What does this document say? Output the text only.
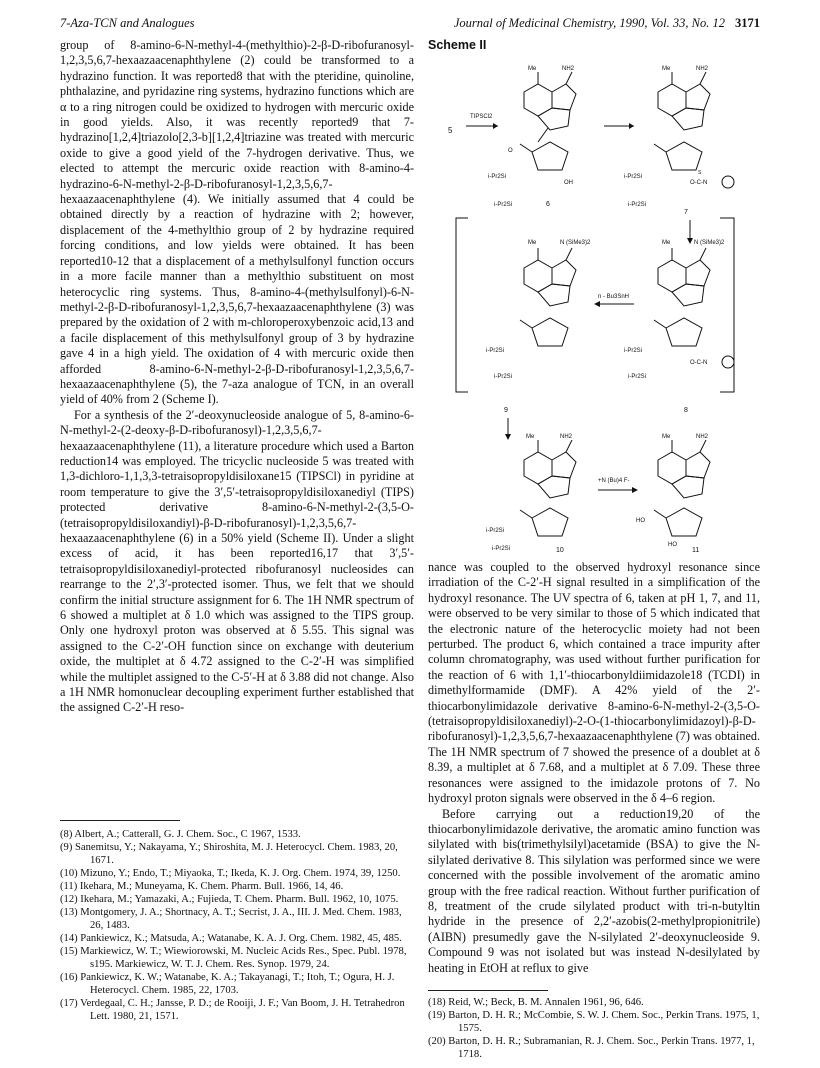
7-Aza-TCN and Analogues	Journal of Medicinal Chemistry, 1990, Vol. 33, No. 12 3171

group of 8-amino-6-N-methyl-4-(methylthio)-2-β-D-ribofuranosyl-1,2,3,5,6,7-hexaazaacenaphthylene (2) could be transformed to a hydrazino function. It was reported8 that with the pteridine, quinoline, phthalazine, and pyridazine ring systems, hydrazino functions which are α to a ring nitrogen could be oxidized to hydrogen with mercuric oxide in good yields. Also, it was recently reported9 that 7-hydrazino[1,2,4]triazolo[2,3-b][1,2,4]triazine was treated with mercuric oxide to give a good yield of the 7-hydrogen derivative. Thus, we elected to attempt the mercuric oxide reaction with 8-amino-4-hydrazino-6-N-methyl-2-β-D-ribofuranosyl-1,2,3,5,6,7-hexaazaacenaphthylene (4). We initially assumed that 4 could be obtained directly by a reaction of hydrazine with 2; however, displacement of the 4-methylthio group of 2 by hydrazine required forcing conditions, and low yields were obtained. It has been reported10-12 that a displacement of a methylsulfonyl function occurs in a more facile manner than a methylthio substituent on most heterocyclic ring systems. Thus, 8-amino-4-(methylsulfonyl)-6-N-methyl-2-β-D-ribofuranosyl-1,2,3,5,6,7-hexaazaacenaphthylene (3) was prepared by the oxidation of 2 with m-chloroperoxybenzoic acid,13 and a facile displacement of this methylsulfonyl group of 3 by hydrazine gave 4 in a high yield. The oxidation of 4 with mercuric oxide then afforded 8-amino-6-N-methyl-2-β-D-ribofuranosyl-1,2,3,5,6,7-hexaazaacenaphthylene (5), the 7-aza analogue of TCN, in an overall yield of 40% from 2 (Scheme I).

For a synthesis of the 2′-deoxynucleoside analogue of 5, 8-amino-6-N-methyl-2-(2-deoxy-β-D-ribofuranosyl)-1,2,3,5,6,7-hexaazaacenaphthylene (11), a literature procedure which used a Barton reduction14 was employed. The tricyclic nucleoside 5 was treated with 1,3-dichloro-1,1,3,3-tetraisopropyldisiloxane15 (TIPSCl) in pyridine at room temperature to give the 3′,5′-tetraisopropyldisiloxanediyl (TIPS) protected derivative 8-amino-6-N-methyl-2-(3,5-O-(tetraisopropyldisiloxandiyl)-β-D-ribofuranosyl)-1,2,3,5,6,7-hexaazaacenaphthylene (6) in a 50% yield (Scheme II). Under a slight excess of acid, it has been reported16,17 that 3′,5′-tetraisopropyldisiloxanediyl-protected ribofuranosyl nucleosides can rearrange to the 2′,3′-protected isomer. Thus, we felt that we should confirm the initial structure assignment for 6. The 1H NMR spectrum of 6 showed a multiplet at δ 1.0 which was assigned to the TIPS group. Only one hydroxyl proton was observed at δ 5.55. This signal was assigned to the C-2′-OH function since on exchange with deuterium oxide, the multiplet at δ 4.72 assigned to the C-2′-H was simplified while the multiplet assigned to the C-5′-H at δ 3.88 did not change. Also a 1H NMR homonuclear decoupling experiment further established that the assigned C-2′-H reso-

(8) Albert, A.; Catterall, G. J. Chem. Soc., C 1967, 1533.
(9) Sanemitsu, Y.; Nakayama, Y.; Shiroshita, M. J. Heterocycl. Chem. 1983, 20, 1671.
(10) Mizuno, Y.; Endo, T.; Miyaoka, T.; Ikeda, K. J. Org. Chem. 1974, 39, 1250.
(11) Ikehara, M.; Muneyama, K. Chem. Pharm. Bull. 1966, 14, 46.
(12) Ikehara, M.; Yamazaki, A.; Fujieda, T. Chem. Pharm. Bull. 1962, 10, 1075.
(13) Montgomery, J. A.; Shortnacy, A. T.; Secrist, J. A., III. J. Med. Chem. 1983, 26, 1483.
(14) Pankiewicz, K.; Matsuda, A.; Watanabe, K. A. J. Org. Chem. 1982, 45, 485.
(15) Markiewicz, W. T.; Wiewiorowski, M. Nucleic Acids Res., Spec. Publ. 1978, s195. Markiewicz, W. T. J. Chem. Res. Synop. 1979, 24.
(16) Pankiewicz, K. W.; Watanabe, K. A.; Takayanagi, T.; Itoh, T.; Ogura, H. J. Heterocycl. Chem. 1985, 22, 1703.
(17) Verdegaal, C. H.; Jansse, P. D.; de Rooiji, J. F.; Van Boom, J. H. Tetrahedron Lett. 1980, 21, 1571.
Scheme II
5
TIPSCl2
Me	NH2
O
i-Pr2Si
i-Pr2Si
OH
6
Me	NH2
i-Pr2Si
i-Pr2Si
O-C-N
S
7
Me	N (SiMe3)2
i-Pr2Si
i-Pr2Si
n - Bu3SnH
Me	N (SiMe3)2
i-Pr2Si
i-Pr2Si
O-C-N
9	8
Me	NH2
i-Pr2Si
i-Pr2Si	10
+N (Bu)4 F-
Me	NH2
HO
HO
11

nance was coupled to the observed hydroxyl resonance since irradiation of the C-2′-H signal resulted in a simplification of the hydroxyl resonance. The UV spectra of 6, taken at pH 1, 7, and 11, were observed to be very similar to those of 5 which indicated that the electronic nature of the heterocyclic moiety had not been perturbed. The product 6, which contained a trace impurity after column chromatography, was used without further purification for the reaction of 6 with 1,1′-thiocarbonyldiimidazole18 (TCDI) in dimethylformamide (DMF). A 42% yield of the 2′-thiocarbonylimidazole derivative 8-amino-6-N-methyl-2-(3,5-O-(tetraisopropyldisiloxanediyl)-2-O-(1-thiocarbonylimidazoyl)-β-D-ribofuranosyl)-1,2,3,5,6,7-hexaazaacenaphthylene (7) was obtained. The 1H NMR spectrum of 7 showed the presence of a doublet at δ 8.39, a multiplet at δ 7.68, and a multiplet at δ 7.09. These three resonances were assigned to the imidazole protons of 7. No hydroxyl proton signals were observed in the δ 4–6 region.

Before carrying out a reduction19,20 of the thiocarbonylimidazole derivative, the aromatic amino function was silylated with bis(trimethylsilyl)acetamide (BSA) to give the N-silylated derivative 8. This silylation was performed since we were concerned with the possible involvement of the aromatic amino group with the free radical reaction. Without further purification of 8, treatment of the crude silylated product with tri-n-butyltin hydride in the presence of 2,2′-azobis(2-methylpropionitrile) (AIBN) presumedly gave the N-silylated 2′-deoxynucleoside 9. Compound 9 was not isolated but was instead N-desilylated by heating in EtOH at reflux to give

(18) Reid, W.; Beck, B. M. Annalen 1961, 96, 646.
(19) Barton, D. H. R.; McCombie, S. W. J. Chem. Soc., Perkin Trans. 1975, 1, 1575.
(20) Barton, D. H. R.; Subramanian, R. J. Chem. Soc., Perkin Trans. 1977, 1, 1718.
